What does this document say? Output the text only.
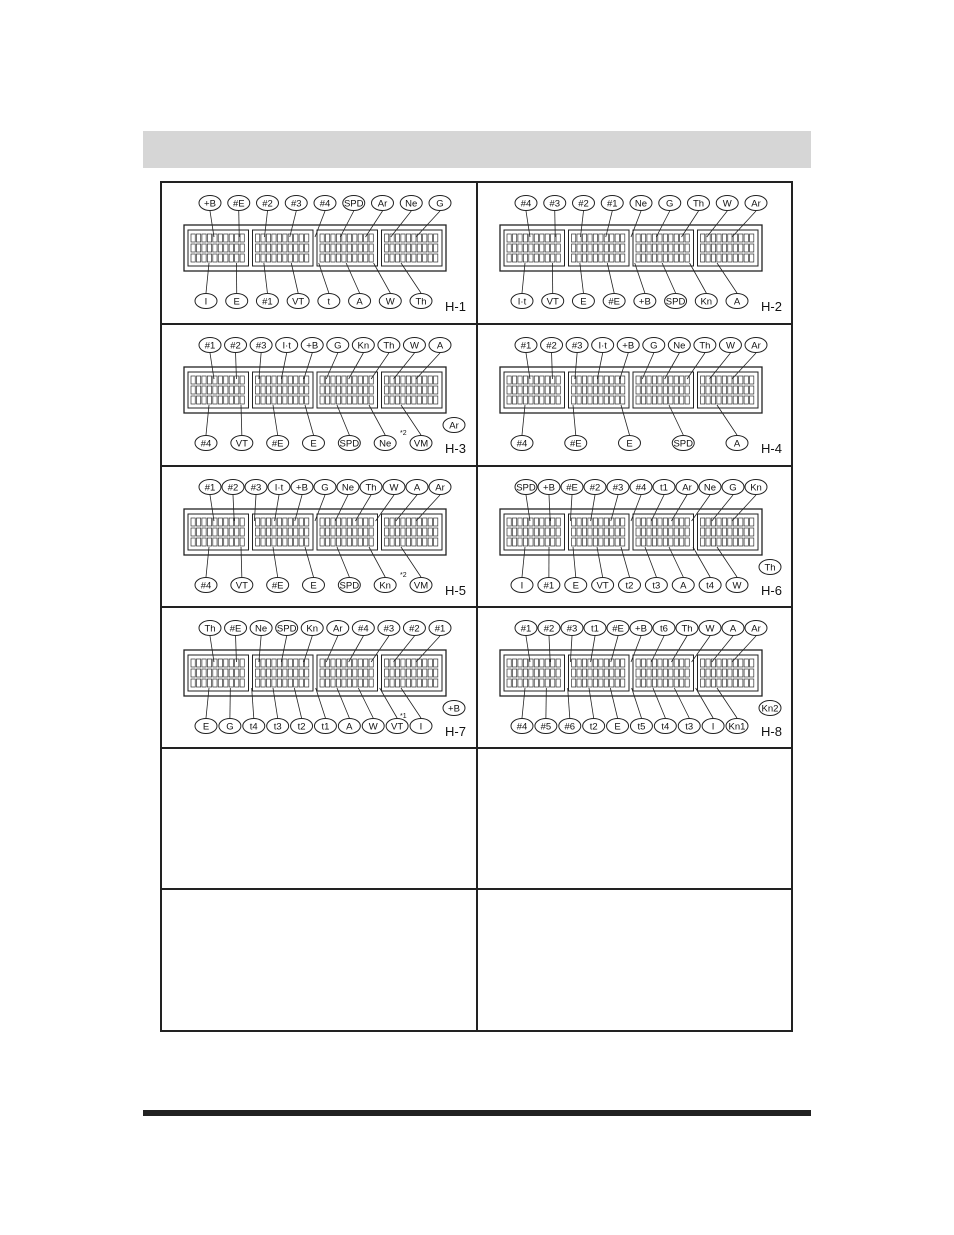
+B #E #2 #3 #4 SPD Ar Ne G
I	E #1 VT t	A W Th H-1
#4 #3 #2 #1 Ne G Th W Ar
I·t VT E #E +B SPD Kn A H-2
#1 #2 #3 I·t +B G Kn Th W A
#4	VT	#E	E SPD Ne VM
Ar
*2
H-3
#1 #2 #3 I·t +B G Ne Th W Ar
#4	#E	E	SPD	A H-4
#1 #2 #3 I·t +B G Ne Th W A Ar
#4	VT	#E	E SPD Kn VM
*2
H-5
SPD +B #E #2 #3 #4 t1 Ar Ne G Kn
I #1 E VT t2 t3 A t4 W
Th
H-6
Th #E Ne SPD Kn Ar #4 #3 #2 #1
E G t4 t3 t2 t1 A W VT I
+B
*1
H-7
#1 #2 #3 t1 #E +B t6 Th W A Ar
#4 #5 #6 t2 E t5 t4 t3 I Kn1
Kn2
H-8
